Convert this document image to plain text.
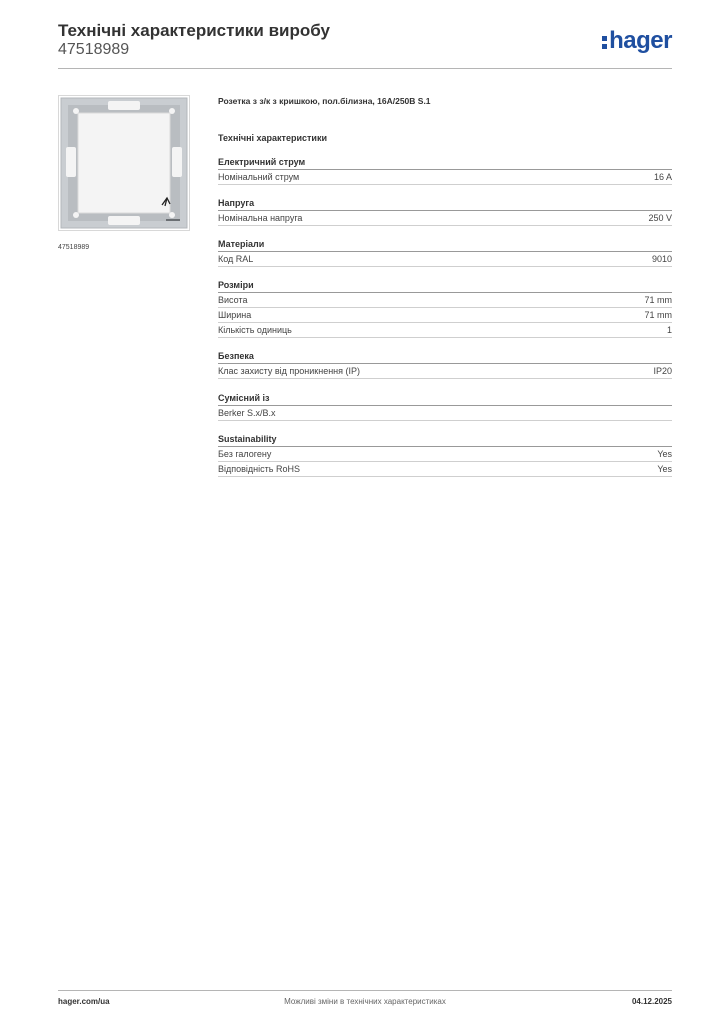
Технічні характеристики виробу
47518989	hager
47518989
Розетка з з/к з кришкою, пол.білизна, 16А/250В S.1
Технічні характеристики
Електричний струм
Номінальний струм	16 A
Напруга
Номінальна напруга	250 V
Матеріали
Код RAL	9010
Розміри
Висота	71 mm
Ширина	71 mm
Кількість одиниць	1
Безпека
Клас захисту від проникнення (IP)	IP20
Сумісний із
Berker S.x/B.x
Sustainability
Без галогену	Yes
Відповідність RoHS	Yes
hager.com/ua	Можливі зміни в технічних характеристиках	04.12.2025
